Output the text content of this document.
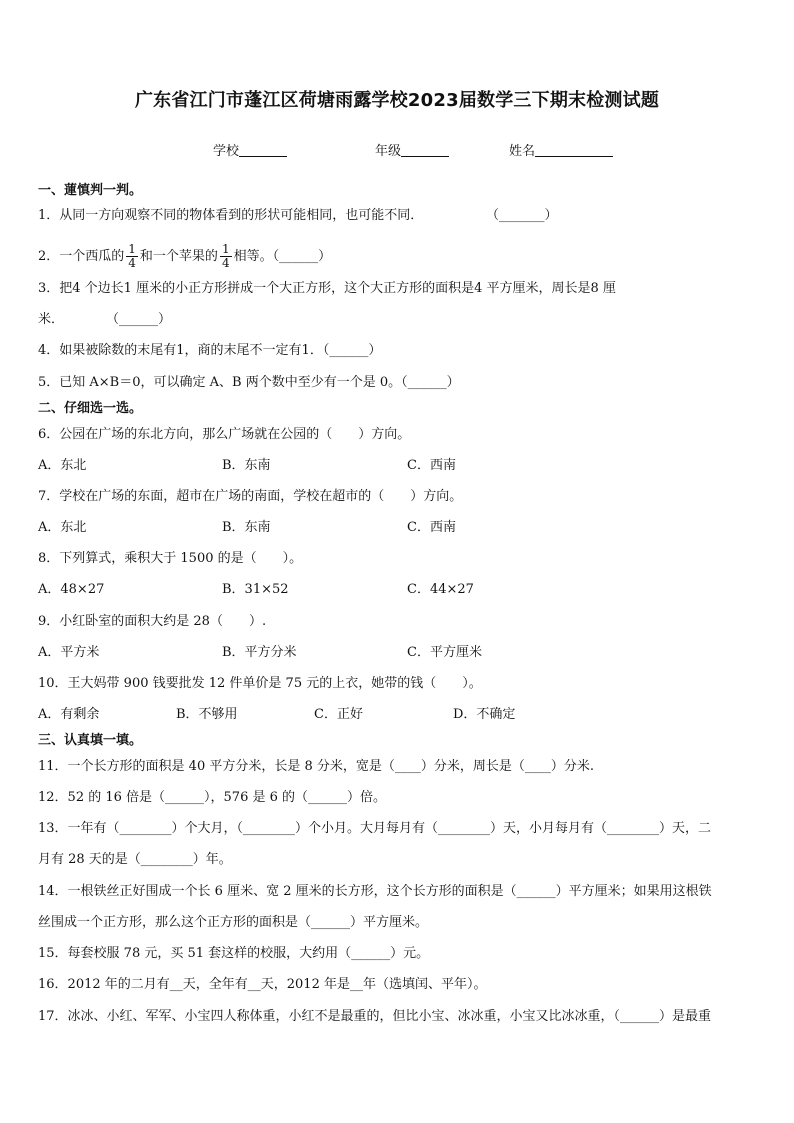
广东省江门市蓬江区荷塘雨露学校2023届数学三下期末检测试题
学校	年级	姓名
一、蓮慎判一判。
1．从同一方向观察不同的物体看到的形状可能相同，也可能不同．	（_______）
2．一个西瓜的 $\frac{1}{4}$ 和一个苹果的 $\frac{1}{4}$ 相等。（______）
3．把4 个边长1 厘米的小正方形拼成一个大正方形，这个大正方形的面积是4 平方厘米，周长是8 厘
米．	（______）
4．如果被除数的末尾有1，商的末尾不一定有1．（______）
5．已知 A×B＝0，可以确定 A、B 两个数中至少有一个是 0。（______）
二、仔细选一选。
6．公园在广场的东北方向，那么广场就在公园的（　　）方向。
A．东北	B．东南	C．西南
7．学校在广场的东面，超市在广场的南面，学校在超市的（　　）方向。
A．东北	B．东南	C．西南
8．下列算式，乘积大于 1500 的是（　　）。
A．48×27	B．31×52	C．44×27
9．小红卧室的面积大约是 28（　　）.
A．平方米	B．平方分米	C．平方厘米
10．王大妈带 900 钱要批发 12 件单价是 75 元的上衣，她带的钱（　　）。
A．有剩余	B．不够用	C．正好	D．不确定
三、认真填一填。
11．一个长方形的面积是 40 平方分米，长是 8 分米，宽是（____）分米，周长是（____）分米.
12．52 的 16 倍是（______），576 是 6 的（______）倍。
13．一年有（________）个大月，（________）个小月。大月每月有（________）天，小月每月有（________）天，二
月有 28 天的是（________）年。
14．一根铁丝正好围成一个长 6 厘米、宽 2 厘米的长方形，这个长方形的面积是（______）平方厘米；如果用这根铁
丝围成一个正方形，那么这个正方形的面积是（______）平方厘米。
15．每套校服 78 元，买 51 套这样的校服，大约用（______）元。
16．2012 年的二月有__天，全年有__天，2012 年是__年（选填闰、平年）。
17．冰冰、小红、军军、小宝四人称体重，小红不是最重的，但比小宝、冰冰重，小宝又比冰冰重，（______）是最重
